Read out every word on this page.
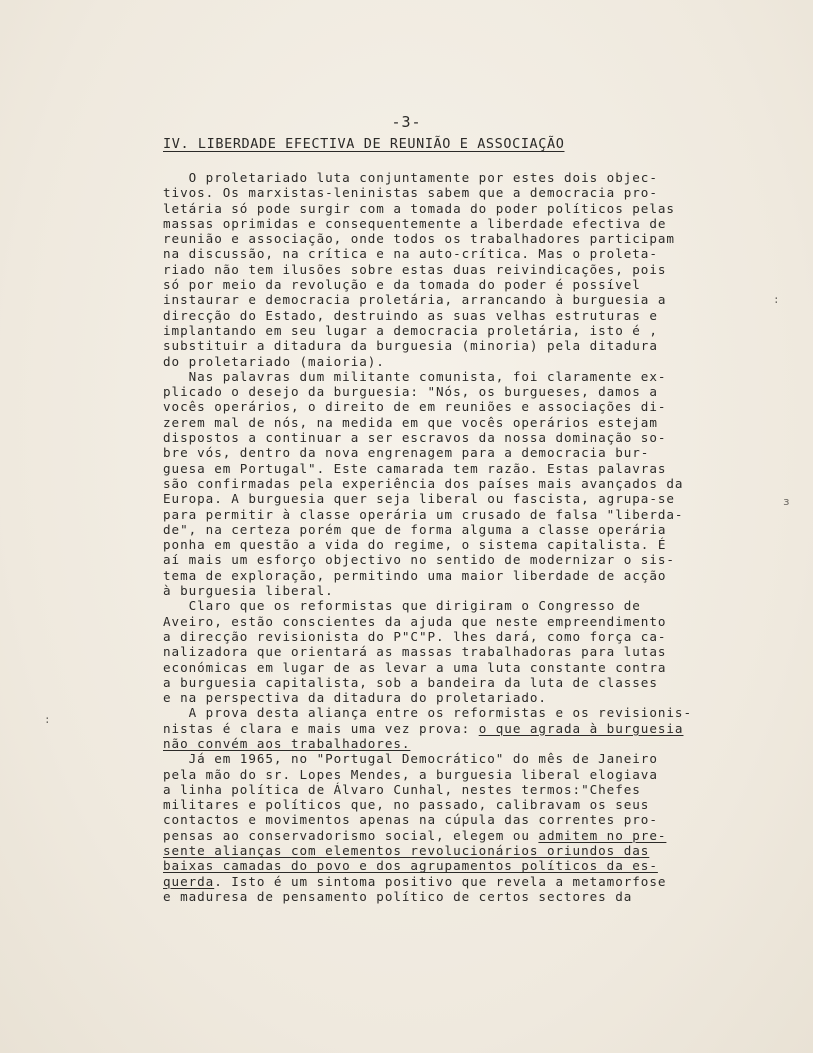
-3-
IV. LIBERDADE EFECTIVA DE REUNIÃO E ASSOCIAÇÃO
O proletariado luta conjuntamente por estes dois objec-
tivos. Os marxistas-leninistas sabem que a democracia pro-
letária só pode surgir com a tomada do poder políticos pelas
massas oprimidas e consequentemente a liberdade efectiva de
reunião e associação, onde todos os trabalhadores participam
na discussão, na crítica e na auto-crítica. Mas o proleta-
riado não tem ilusões sobre estas duas reivindicações, pois
só por meio da revolução e da tomada do poder é possível
instaurar e democracia proletária, arrancando à burguesia a
direcção do Estado, destruindo as suas velhas estruturas e
implantando em seu lugar a democracia proletária, isto é ,
substituir a ditadura da burguesia (minoria) pela ditadura
do proletariado (maioria).
Nas palavras dum militante comunista, foi claramente ex-
plicado o desejo da burguesia: "Nós, os burgueses, damos a
vocês operários, o direito de em reuniões e associações di-
zerem mal de nós, na medida em que vocês operários estejam
dispostos a continuar a ser escravos da nossa dominação so-
bre vós, dentro da nova engrenagem para a democracia bur-
guesa em Portugal". Este camarada tem razão. Estas palavras
são confirmadas pela experiência dos países mais avançados da
Europa. A burguesia quer seja liberal ou fascista, agrupa-se
para permitir à classe operária um crusado de falsa "liberda-
de", na certeza porém que de forma alguma a classe operária
ponha em questão a vida do regime, o sistema capitalista. É
aí mais um esforço objectivo no sentido de modernizar o sis-
tema de exploração, permitindo uma maior liberdade de acção
à burguesia liberal.
Claro que os reformistas que dirigiram o Congresso de
Aveiro, estão conscientes da ajuda que neste empreendimento
a direcção revisionista do P"C"P. lhes dará, como força ca-
nalizadora que orientará as massas trabalhadoras para lutas
económicas em lugar de as levar a uma luta constante contra
a burguesia capitalista, sob a bandeira da luta de classes
e na perspectiva da ditadura do proletariado.
A prova desta aliança entre os reformistas e os revisionis-
nistas é clara e mais uma vez prova: o que agrada à burguesia
não convém aos trabalhadores.
Já em 1965, no "Portugal Democrático" do mês de Janeiro
pela mão do sr. Lopes Mendes, a burguesia liberal elogiava
a linha política de Álvaro Cunhal, nestes termos:"Chefes
militares e políticos que, no passado, calibravam os seus
contactos e movimentos apenas na cúpula das correntes pro-
pensas ao conservadorismo social, elegem ou admitem no pre-
sente alianças com elementos revolucionários oriundos das
baixas camadas do povo e dos agrupamentos políticos da es-
querda. Isto é um sintoma positivo que revela a metamorfose
e maduresa de pensamento político de certos sectores da
:
з
:
